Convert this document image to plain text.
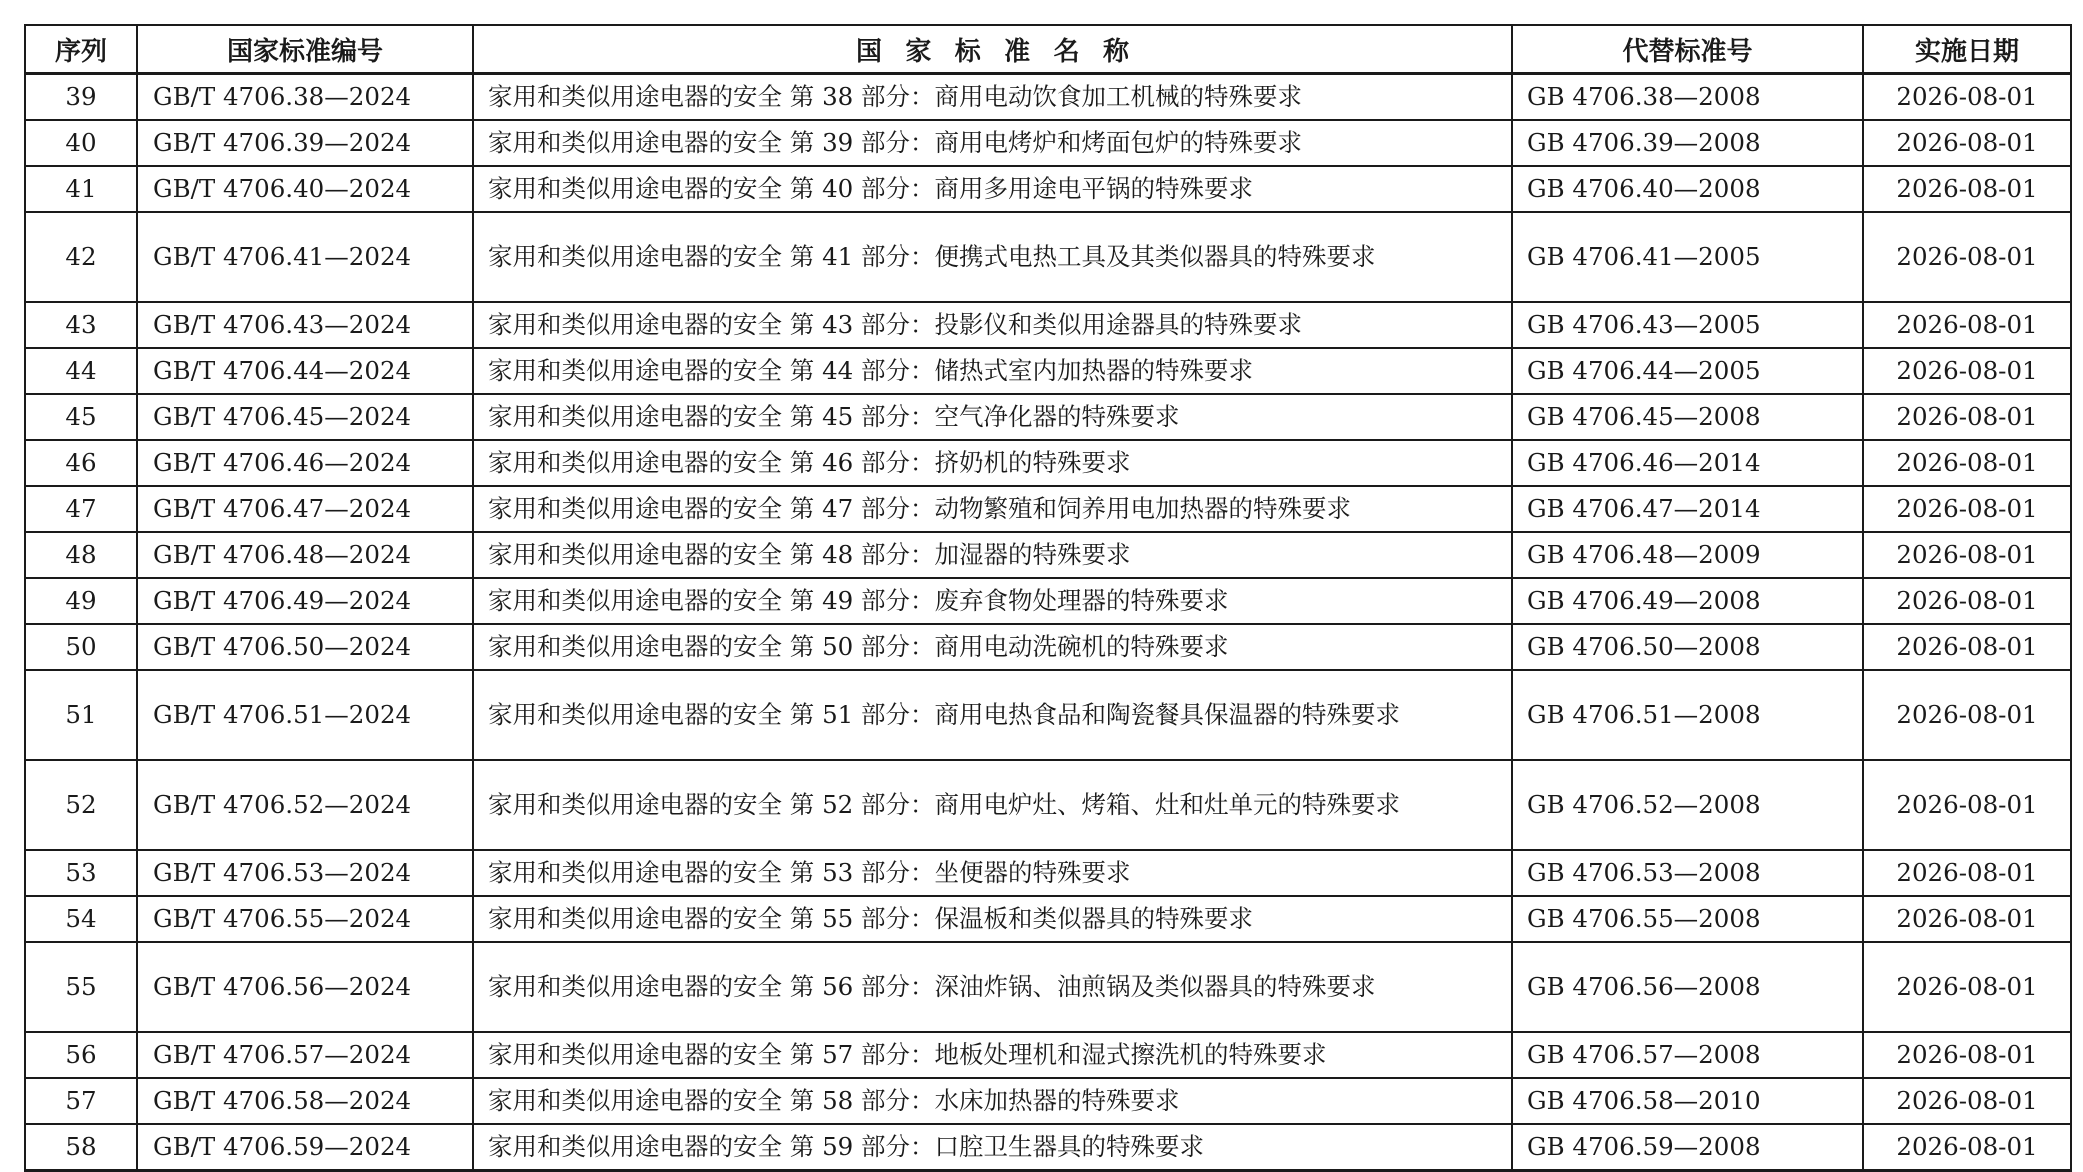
序列	国家标准编号	国家标准名称	代替标准号	实施日期
39	GB/T 4706.38—2024	家用和类似用途电器的安全 第 38 部分：商用电动饮食加工机械的特殊要求	GB 4706.38—2008	2026-08-01
40	GB/T 4706.39—2024	家用和类似用途电器的安全 第 39 部分：商用电烤炉和烤面包炉的特殊要求	GB 4706.39—2008	2026-08-01
41	GB/T 4706.40—2024	家用和类似用途电器的安全 第 40 部分：商用多用途电平锅的特殊要求	GB 4706.40—2008	2026-08-01
42	GB/T 4706.41—2024	家用和类似用途电器的安全 第 41 部分：便携式电热工具及其类似器具的特殊要求	GB 4706.41—2005	2026-08-01
43	GB/T 4706.43—2024	家用和类似用途电器的安全 第 43 部分：投影仪和类似用途器具的特殊要求	GB 4706.43—2005	2026-08-01
44	GB/T 4706.44—2024	家用和类似用途电器的安全 第 44 部分：储热式室内加热器的特殊要求	GB 4706.44—2005	2026-08-01
45	GB/T 4706.45—2024	家用和类似用途电器的安全 第 45 部分：空气净化器的特殊要求	GB 4706.45—2008	2026-08-01
46	GB/T 4706.46—2024	家用和类似用途电器的安全 第 46 部分：挤奶机的特殊要求	GB 4706.46—2014	2026-08-01
47	GB/T 4706.47—2024	家用和类似用途电器的安全 第 47 部分：动物繁殖和饲养用电加热器的特殊要求	GB 4706.47—2014	2026-08-01
48	GB/T 4706.48—2024	家用和类似用途电器的安全 第 48 部分：加湿器的特殊要求	GB 4706.48—2009	2026-08-01
49	GB/T 4706.49—2024	家用和类似用途电器的安全 第 49 部分：废弃食物处理器的特殊要求	GB 4706.49—2008	2026-08-01
50	GB/T 4706.50—2024	家用和类似用途电器的安全 第 50 部分：商用电动洗碗机的特殊要求	GB 4706.50—2008	2026-08-01
51	GB/T 4706.51—2024	家用和类似用途电器的安全 第 51 部分：商用电热食品和陶瓷餐具保温器的特殊要求	GB 4706.51—2008	2026-08-01
52	GB/T 4706.52—2024	家用和类似用途电器的安全 第 52 部分：商用电炉灶、烤箱、灶和灶单元的特殊要求	GB 4706.52—2008	2026-08-01
53	GB/T 4706.53—2024	家用和类似用途电器的安全 第 53 部分：坐便器的特殊要求	GB 4706.53—2008	2026-08-01
54	GB/T 4706.55—2024	家用和类似用途电器的安全 第 55 部分：保温板和类似器具的特殊要求	GB 4706.55—2008	2026-08-01
55	GB/T 4706.56—2024	家用和类似用途电器的安全 第 56 部分：深油炸锅、油煎锅及类似器具的特殊要求	GB 4706.56—2008	2026-08-01
56	GB/T 4706.57—2024	家用和类似用途电器的安全 第 57 部分：地板处理机和湿式擦洗机的特殊要求	GB 4706.57—2008	2026-08-01
57	GB/T 4706.58—2024	家用和类似用途电器的安全 第 58 部分：水床加热器的特殊要求	GB 4706.58—2010	2026-08-01
58	GB/T 4706.59—2024	家用和类似用途电器的安全 第 59 部分：口腔卫生器具的特殊要求	GB 4706.59—2008	2026-08-01
